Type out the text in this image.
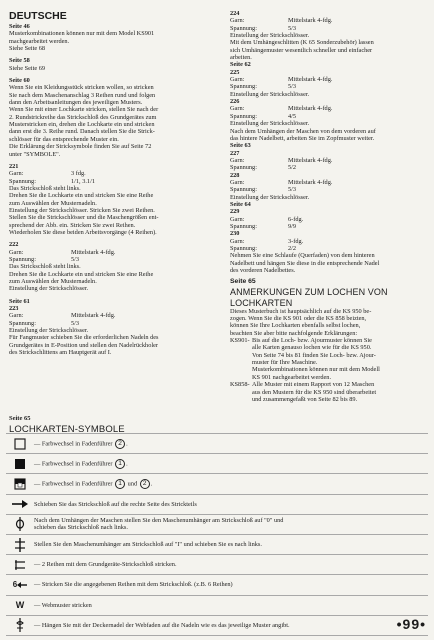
DEUTSCHE
Seite 46

Musterkombinationen können nur mit dem Model KS901

machgearbeitet werden.

Siehe Seite 68

Seite 58

Siehe Seite 69

Seite 60

Wenn Sie ein Kleidungsstück stricken wollen, so stricken

Sie nach dem Maschenanschlag 3 Reihen rund und folgen

dann den Arbeitsanleitungen des jeweiligen Musters.

Wenn Sie mit einer Lochkarte stricken, stellen Sie nach der

2. Rundstrickreihe das Strickschloß des Grundgerätes zum

Musterstricken ein, drehen die Lochkarte ein und stricken

dann erst die 3. Reihe rund. Danach stellen Sie die Strick-

schlösser für das entsprechende Muster ein.

Die Erklärung der Stricksymbole finden Sie auf Seite 72

unter "SYMBOLE".

221
Garn:	3 fdg.
Spannung:	1/1, 3.1/1

Das Strickschloß steht links.

Drehen Sie die Lochkarte ein und stricken Sie eine Reihe

zum Auswählen der Musternadeln.

Einstellung der Strickschlösser. Stricken Sie zwei Reihen.

Stellen Sie die Strickschlösser und die Maschengrößen ent-

sprechend der Abb. ein. Stricken Sie zwei Reihen.

Wiederholen Sie diese beiden Arbeitsvorgänge (4 Reihen).

222
Garn:	Mittelstark 4-fdg.
Spannung:	5/3

Das Strickschloß steht links.

Drehen Sie die Lochkarte ein und stricken Sie eine Reihe

zum Auswählen der Musternadeln.

Einstellung der Strickschlösser.

Seite 61
223
Garn:	Mittelstark 4-fdg.
Spannung:	5/3

Einstellung der Strickschlösser.

Für Fangmuster schieben Sie die erforderlichen Nadeln des

Grundgerätes in E-Position und stellen den Nadelrückholer

des Strickschlittens am Hauptgerät auf I.

224
Garn:	Mittelstark 4-fdg.
Spannung:	5/3

Einstellung der Strickschlösser.

Mit dem Umhängeschlitten (K 65 Sonderzubehör) lassen

sich Umhängemuster wesentlich schneller und einfacher

arbeiten.

Seite 62
225
Garn:	Mittelstark 4-fdg.
Spannung:	5/3

Einstellung der Strickschlösser.

226
Garn:	Mittelstark 4-fdg.
Spannung:	4/5

Einstellung der Strickschlösser.

Nach dem Umhängen der Maschen von dem vorderen auf

das hintere Nadelbett, arbeiten Sie im Zopfmuster weiter.

Seite 63
227
Garn:	Mittelstark 4-fdg.
Spannung:	5/2
228
Garn:	Mittelstark 4-fdg.
Spannung:	5/3

Einstellung der Strickschlösser.

Seite 64
229
Garn:	6-fdg.
Spannung:	9/9
230
Garn:	3-fdg.
Spannung:	2/2

Nehmen Sie eine Schlaufe (Querfaden) von dem hinteren

Nadelbett und hängen Sie diese in die entsprechende Nadel

des vorderen Nadelbettes.

Seite 65
ANMERKUNGEN ZUM LOCHEN VON
LOCHKARTEN

Dieses Musterbuch ist hauptsächlich auf die KS 950 be-

zogen. Wenn Sie die KS 901 oder die KS 858 beizten,

können Sie Ihre Lochkarten ebenfalls selbst lochen,

beachten Sie aber bitte nachfolgende Erklärungen:

KS901- Bis auf die Loch- bzw. Ajourmuster können Sie

alle Karten genauso lochen wie für die KS 950.

Von Seite 74 bis 81 finden Sie Loch- bzw. Ajour-

muster für Ihre Maschine.

Musterkombinationen können nur mit dem Modell

KS 901 nachgearbeitet werden.

KS858- Alle Muster mit einem Rapport von 12 Maschen

aus den Mustern für die KS 950 sind überarbeitet

und zusammengefaßt von Seite 82 bis 89.

Seite 65
LOCHKARTEN-SYMBOLE
— Farbwechsel in Fadenführer 2 .
— Farbwechsel in Fadenführer 1 .
— Farbwechsel in Fadenführer 1 und 2 .
Schieben Sie das Strickschloß auf die rechte Seite des Strickteils
Nach dem Umhängen der Maschen stellen Sie den Maschenumhänger am Strickschloß auf "0" und
schieben das Strickschloß nach links.
Stellen Sie den Maschenumhänger am Strickschloß auf "I" und schieben Sie es nach links.
— 2 Reihen mit dem Grundgeräte-Strickschloß stricken.
6	— Stricken Sie die angegebenen Reihen mit dem Strickschloß. (z.B. 6 Reihen)
W — Webmuster stricken
— Hängen Sie mit der Deckernadel der Webfaden auf die Nadeln wie es das jeweilige Muster angibt.	•99•
